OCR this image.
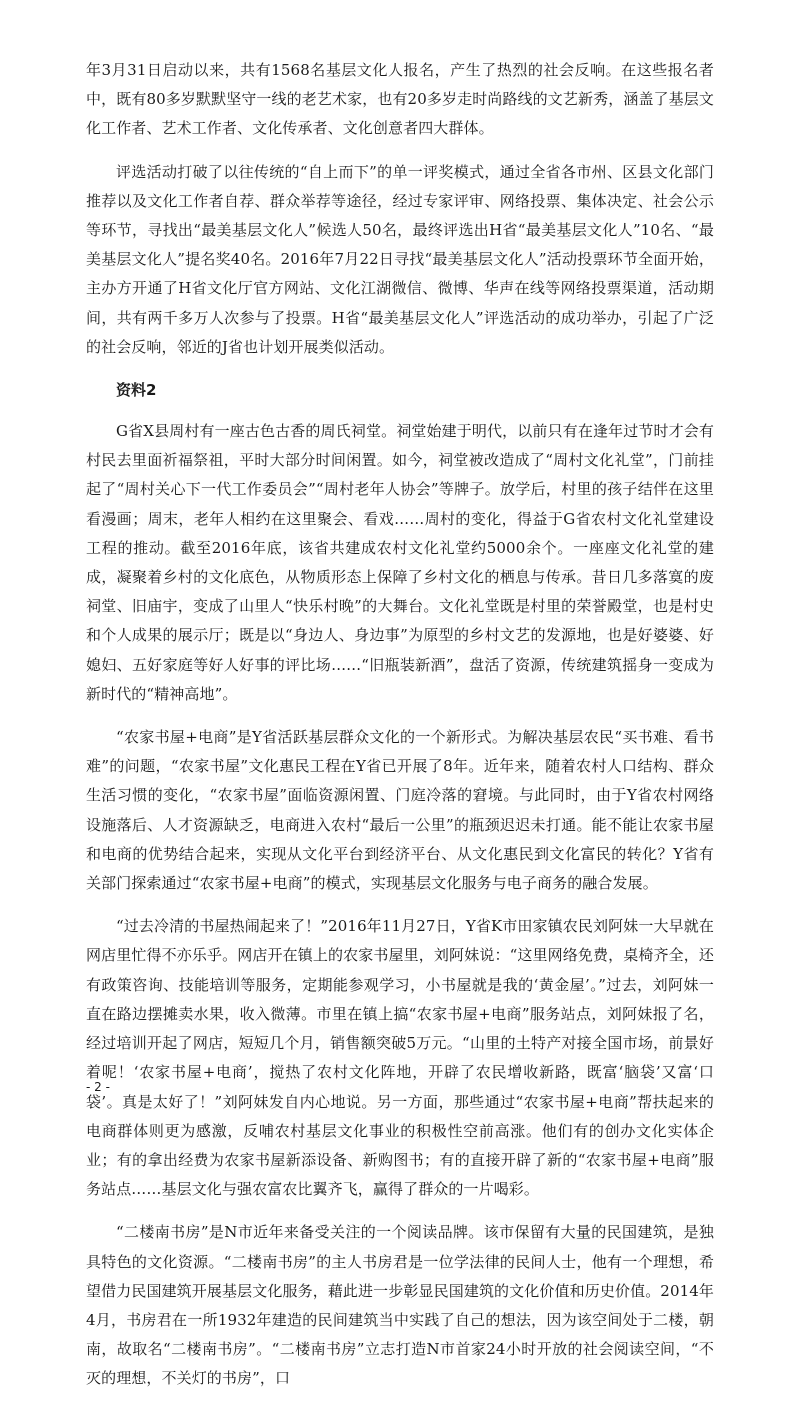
年3月31日启动以来，共有1568名基层文化人报名，产生了热烈的社会反响。在这些报名者中，既有80多岁默默坚守一线的老艺术家，也有20多岁走时尚路线的文艺新秀，涵盖了基层文化工作者、艺术工作者、文化传承者、文化创意者四大群体。

评选活动打破了以往传统的“自上而下”的单一评奖模式，通过全省各市州、区县文化部门推荐以及文化工作者自荐、群众举荐等途径，经过专家评审、网络投票、集体决定、社会公示等环节，寻找出“最美基层文化人”候选人50名，最终评选出H省“最美基层文化人”10名、“最美基层文化人”提名奖40名。2016年7月22日寻找“最美基层文化人”活动投票环节全面开始，主办方开通了H省文化厅官方网站、文化江湖微信、微博、华声在线等网络投票渠道，活动期间，共有两千多万人次参与了投票。H省“最美基层文化人”评选活动的成功举办，引起了广泛的社会反响，邻近的J省也计划开展类似活动。

资料2

G省X县周村有一座古色古香的周氏祠堂。祠堂始建于明代，以前只有在逢年过节时才会有村民去里面祈福祭祖，平时大部分时间闲置。如今，祠堂被改造成了“周村文化礼堂”，门前挂起了“周村关心下一代工作委员会”“周村老年人协会”等牌子。放学后，村里的孩子结伴在这里看漫画；周末，老年人相约在这里聚会、看戏……周村的变化，得益于G省农村文化礼堂建设工程的推动。截至2016年底，该省共建成农村文化礼堂约5000余个。一座座文化礼堂的建成，凝聚着乡村的文化底色，从物质形态上保障了乡村文化的栖息与传承。昔日几多落寞的废祠堂、旧庙宇，变成了山里人“快乐村晚”的大舞台。文化礼堂既是村里的荣誉殿堂，也是村史和个人成果的展示厅；既是以“身边人、身边事”为原型的乡村文艺的发源地，也是好婆婆、好媳妇、五好家庭等好人好事的评比场……“旧瓶装新酒”，盘活了资源，传统建筑摇身一变成为新时代的“精神高地”。

“农家书屋+电商”是Y省活跃基层群众文化的一个新形式。为解决基层农民“买书难、看书难”的问题，“农家书屋”文化惠民工程在Y省已开展了8年。近年来，随着农村人口结构、群众生活习惯的变化，“农家书屋”面临资源闲置、门庭冷落的窘境。与此同时，由于Y省农村网络设施落后、人才资源缺乏，电商进入农村“最后一公里”的瓶颈迟迟未打通。能不能让农家书屋和电商的优势结合起来，实现从文化平台到经济平台、从文化惠民到文化富民的转化？Y省有关部门探索通过“农家书屋+电商”的模式，实现基层文化服务与电子商务的融合发展。

“过去冷清的书屋热闹起来了！”2016年11月27日，Y省K市田家镇农民刘阿妹一大早就在网店里忙得不亦乐乎。网店开在镇上的农家书屋里，刘阿妹说：“这里网络免费，桌椅齐全，还有政策咨询、技能培训等服务，定期能参观学习，小书屋就是我的‘黄金屋’。”过去，刘阿妹一直在路边摆摊卖水果，收入微薄。市里在镇上搞“农家书屋+电商”服务站点，刘阿妹报了名，经过培训开起了网店，短短几个月，销售额突破5万元。“山里的土特产对接全国市场，前景好着呢！‘农家书屋+电商’，搅热了农村文化阵地，开辟了农民增收新路，既富‘脑袋’又富‘口袋’。真是太好了！”刘阿妹发自内心地说。另一方面，那些通过“农家书屋+电商”帮扶起来的电商群体则更为感激，反哺农村基层文化事业的积极性空前高涨。他们有的创办文化实体企业；有的拿出经费为农家书屋新添设备、新购图书；有的直接开辟了新的“农家书屋+电商”服务站点……基层文化与强农富农比翼齐飞，赢得了群众的一片喝彩。

“二楼南书房”是N市近年来备受关注的一个阅读品牌。该市保留有大量的民国建筑，是独具特色的文化资源。“二楼南书房”的主人书房君是一位学法律的民间人士，他有一个理想，希望借力民国建筑开展基层文化服务，藉此进一步彰显民国建筑的文化价值和历史价值。2014年4月，书房君在一所1932年建造的民间建筑当中实践了自己的想法，因为该空间处于二楼，朝南，故取名“二楼南书房”。“二楼南书房”立志打造N市首家24小时开放的社会阅读空间，“不灭的理想，不关灯的书房”，口

- 2 -
